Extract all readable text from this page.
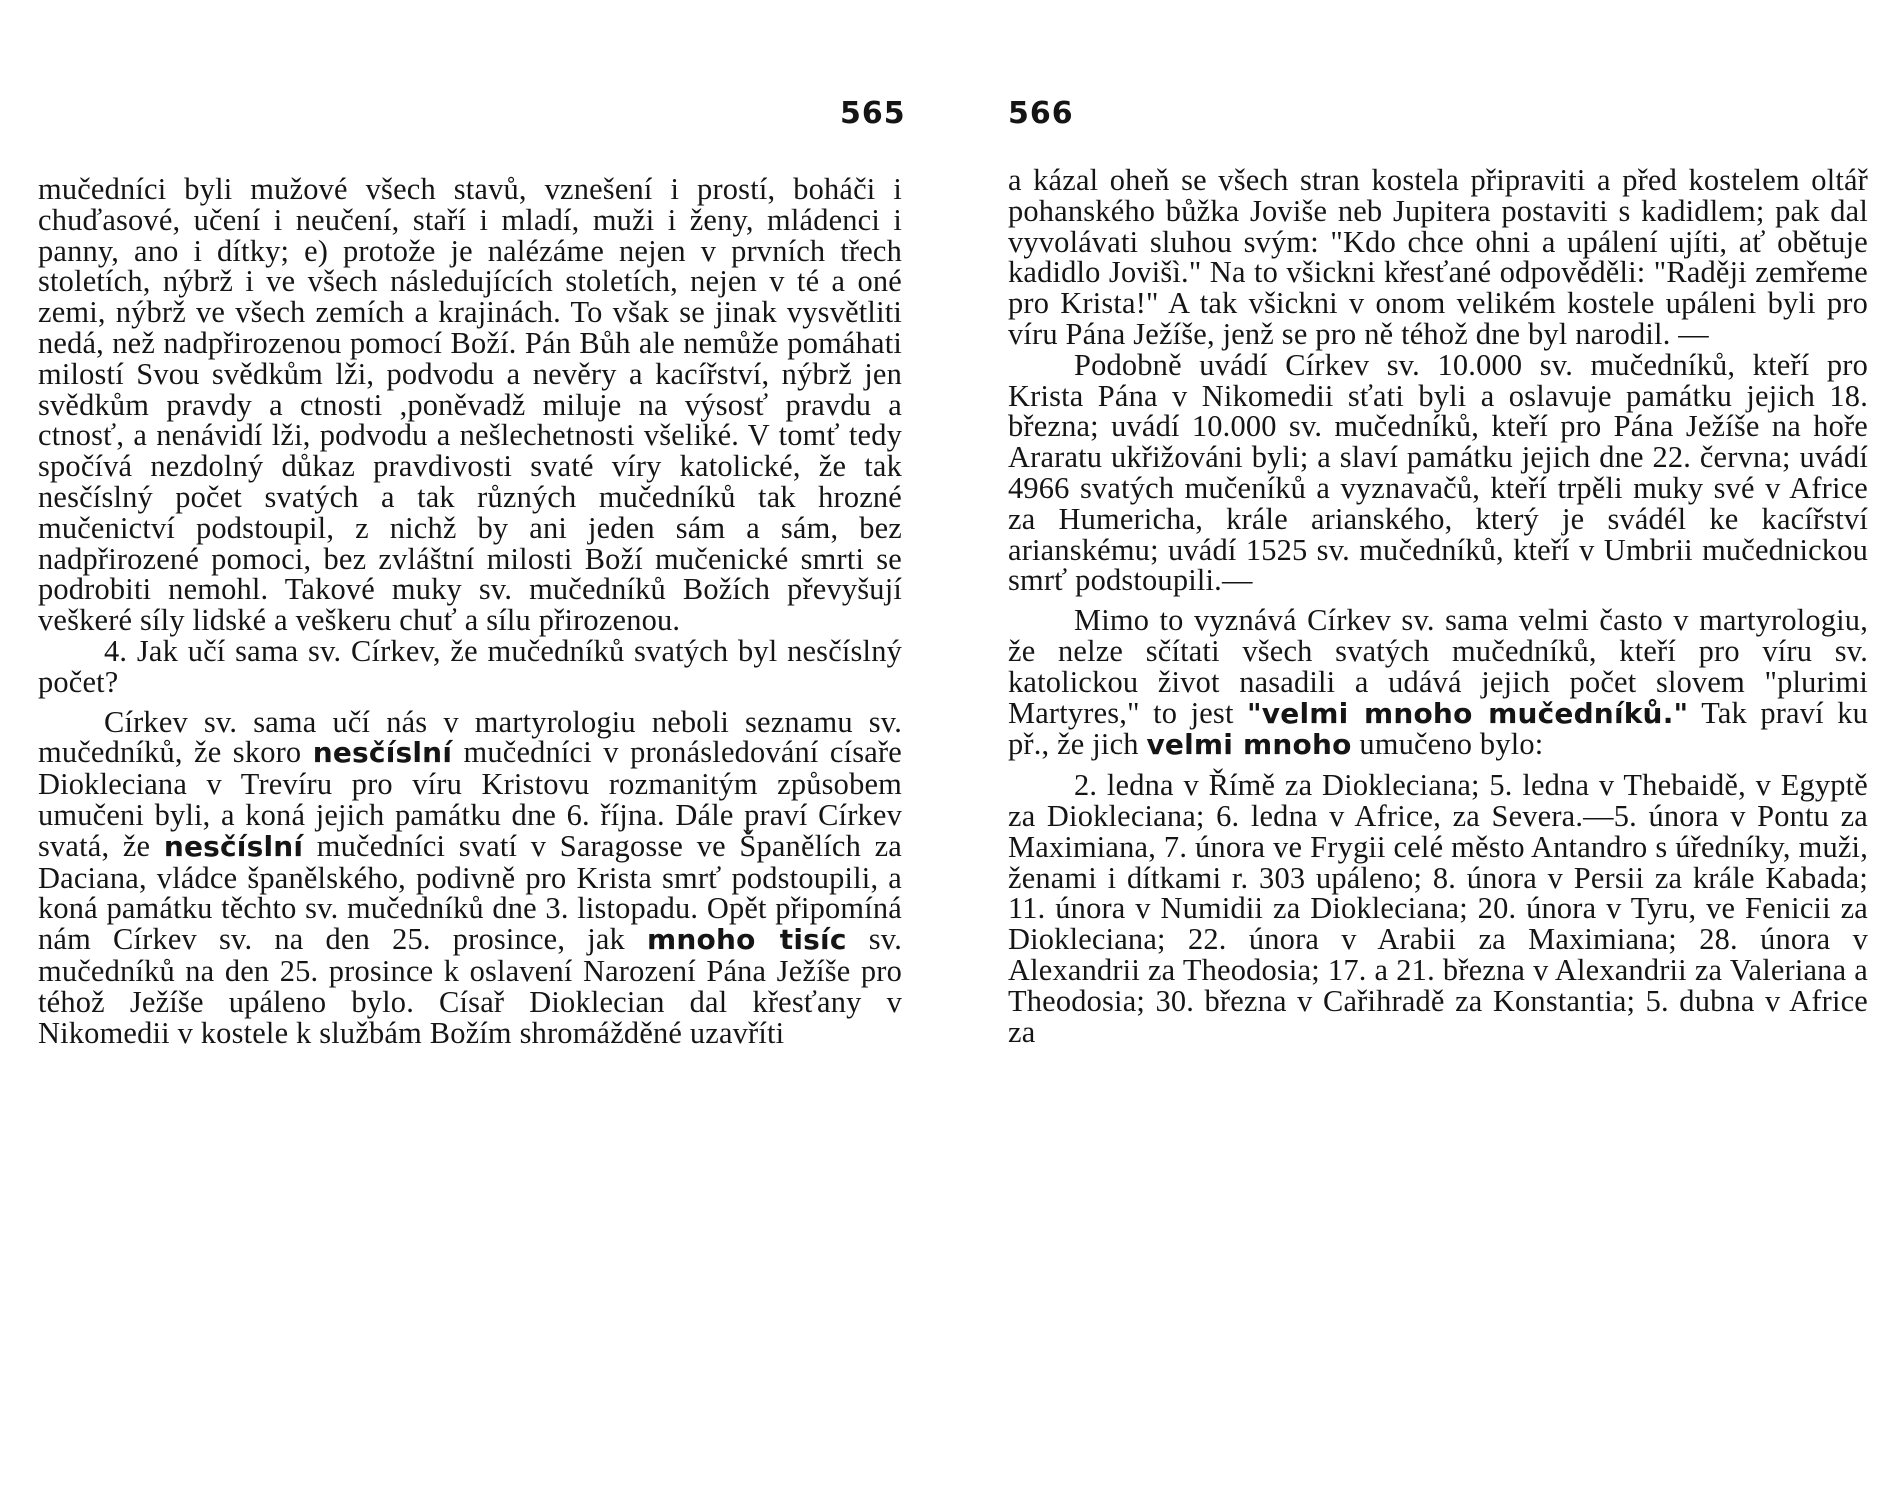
565

mučedníci byli mužové všech stavů, vznešení i prostí, boháči i chuďasové, učení i neučení, staří i mladí, muži i ženy, mládenci i panny, ano i dítky; e) protože je nalézáme nejen v prvních třech stoletích, nýbrž i ve všech následujících stoletích, nejen v té a oné zemi, nýbrž ve všech zemích a krajinách. To však se jinak vysvětliti nedá, než nadpřirozenou pomocí Boží. Pán Bůh ale nemůže pomáhati milostí Svou svědkům lži, podvodu a nevěry a kacířství, nýbrž jen svědkům pravdy a ctnosti ,poněvadž miluje na výsosť pravdu a ctnosť, a nenávidí lži, podvodu a nešlechetnosti všeliké. V tomť tedy spočívá nezdolný důkaz pravdivosti svaté víry katolické, že tak nesčíslný počet svatých a tak různých mučedníků tak hrozné mučenictví podstoupil, z nichž by ani jeden sám a sám, bez nadpřirozené pomoci, bez zvláštní milosti Boží mučenické smrti se podrobiti nemohl. Takové muky sv. mučedníků Božích převyšují veškeré síly lidské a veškeru chuť a sílu přirozenou.

4. Jak učí sama sv. Církev, že mučedníků svatých byl nesčíslný počet?

Církev sv. sama učí nás v martyrologiu neboli seznamu sv. mučedníků, že skoro nesčíslní mučedníci v pronásledování císaře Diokleciana v Trevíru pro víru Kristovu rozmanitým způsobem umučeni byli, a koná jejich památku dne 6. října. Dále praví Církev svatá, že nesčíslní mučedníci svatí v Saragosse ve Španělích za Daciana, vládce španělského, podivně pro Krista smrť podstoupili, a koná památku těchto sv. mučedníků dne 3. listopadu. Opět připomíná nám Církev sv. na den 25. prosince, jak mnoho tisíc sv. mučedníků na den 25. prosince k oslavení Narození Pána Ježíše pro téhož Ježíše upáleno bylo. Císař Dioklecian dal křesťany v Nikomedii v kostele k službám Božím shromážděné uzavříti

566

a kázal oheň se všech stran kostela připraviti a před kostelem oltář pohanského bůžka Joviše neb Jupitera postaviti s kadidlem; pak dal vyvolávati sluhou svým: "Kdo chce ohni a upálení ujíti, ať obětuje kadidlo Jovišì." Na to všickni křesťané odpověděli: "Raději zemřeme pro Krista!" A tak všickni v onom velikém kostele upáleni byli pro víru Pána Ježíše, jenž se pro ně téhož dne byl narodil. —

Podobně uvádí Církev sv. 10.000 sv. mučedníků, kteří pro Krista Pána v Nikomedii sťati byli a oslavuje památku jejich 18. března; uvádí 10.000 sv. mučedníků, kteří pro Pána Ježíše na hoře Araratu ukřižováni byli; a slaví památku jejich dne 22. června; uvádí 4966 svatých mučeníků a vyznavačů, kteří trpěli muky své v Africe za Humericha, krále arianského, který je svádél ke kacířství arianskému; uvádí 1525 sv. mučedníků, kteří v Umbrii mučednickou smrť podstoupili.—

Mimo to vyznává Církev sv. sama velmi často v martyrologiu, že nelze sčítati všech svatých mučedníků, kteří pro víru sv. katolickou život nasadili a udává jejich počet slovem "plurimi Martyres," to jest "velmi mnoho mučedníků." Tak praví ku př., že jich velmi mnoho umučeno bylo:

2. ledna v Římě za Diokleciana; 5. ledna v Thebaidě, v Egyptě za Diokleciana; 6. ledna v Africe, za Severa.—5. února v Pontu za Maximiana, 7. února ve Frygii celé město Antandro s úředníky, muži, ženami i dítkami r. 303 upáleno; 8. února v Persii za krále Kabada; 11. února v Numidii za Diokleciana; 20. února v Tyru, ve Fenicii za Diokleciana; 22. února v Arabii za Maximiana; 28. února v Alexandrii za Theodosia; 17. a 21. března v Alexandrii za Valeriana a Theodosia; 30. března v Cařihradě za Konstantia; 5. dubna v Africe za
